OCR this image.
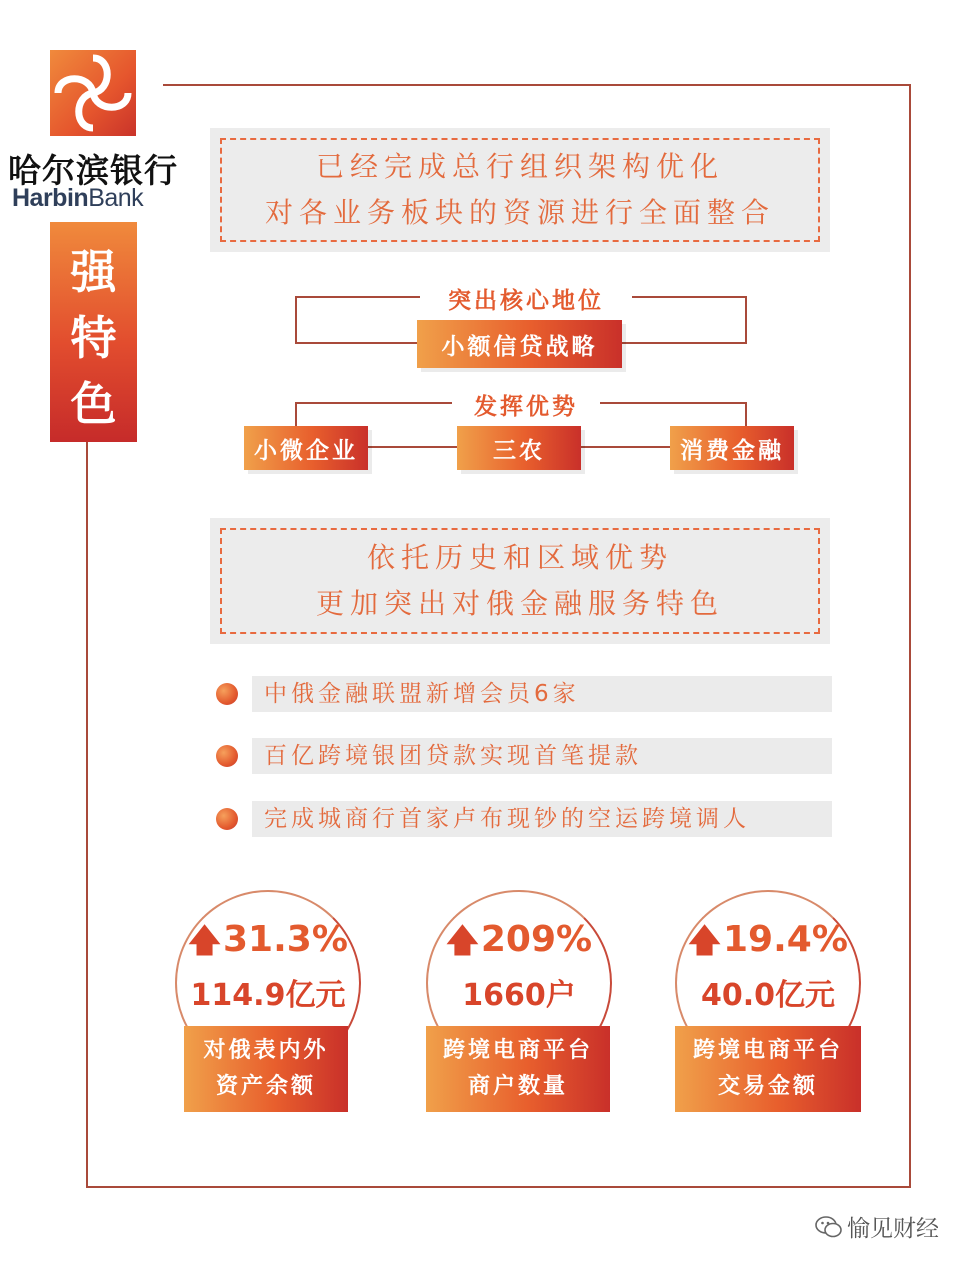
哈尔滨银行
HarbinBank
强
特
色
已经完成总行组织架构优化
对各业务板块的资源进行全面整合
突出核心地位
小额信贷战略
发挥优势
小微企业	三农	消费金融
依托历史和区域优势
更加突出对俄金融服务特色
中俄金融联盟新增会员6家
百亿跨境银团贷款实现首笔提款
完成城商行首家卢布现钞的空运跨境调人
🡅31.3%
114.9亿元
对俄表内外
资产余额
🡅209%
1660户
跨境电商平台
商户数量
🡅19.4%
40.0亿元
跨境电商平台
交易金额
愉见财经
